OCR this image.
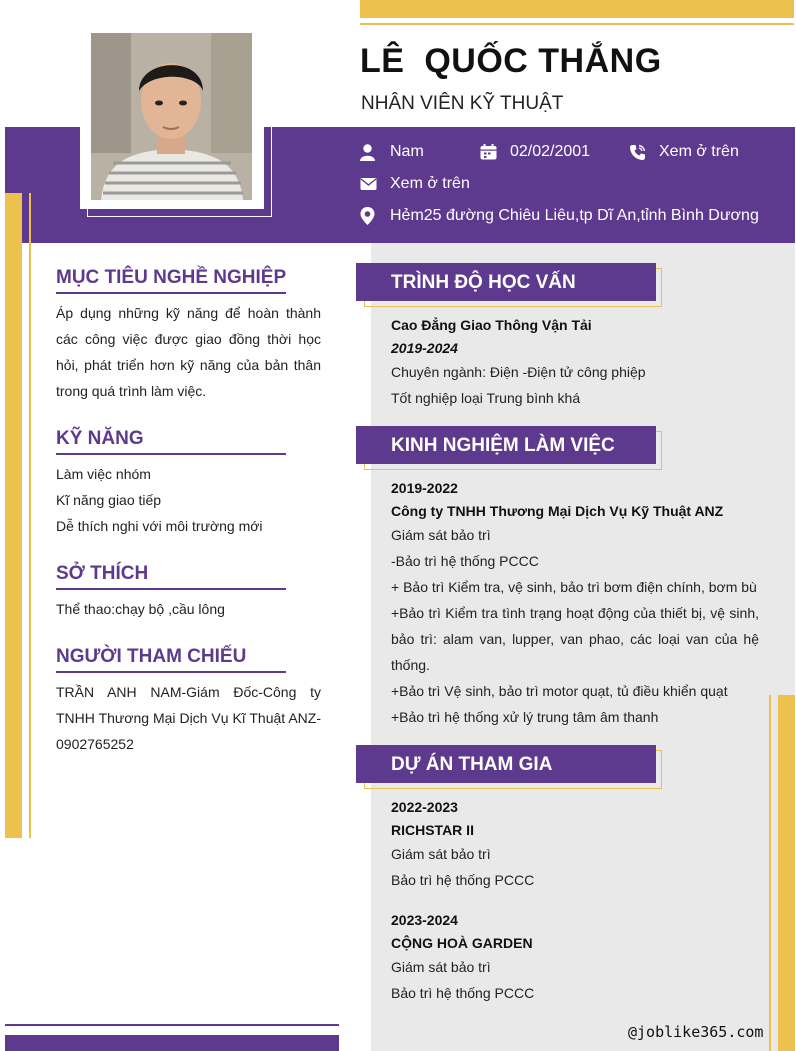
LÊ  QUỐC THẮNG
NHÂN VIÊN KỸ THUẬT
Nam	02/02/2001	Xem ở trên
Xem ở trên
Hẻm25 đường Chiêu Liêu,tp Dĩ An,tỉnh Bình Dương
MỤC TIÊU NGHỀ NGHIỆP
Áp dụng những kỹ năng để hoàn thành các công việc được giao đồng thời học hỏi, phát triển hơn kỹ năng của bản thân trong quá trình làm việc.
KỸ NĂNG
Làm việc nhóm
Kĩ năng giao tiếp
Dễ thích nghi với môi trường mới
SỞ THÍCH
Thể thao:chạy bộ ,cầu lông
NGƯỜI THAM CHIẾU
TRẦN ANH NAM-Giám Đốc-Công ty TNHH Thương Mại Dịch Vụ Kĩ Thuật ANZ-0902765252
TRÌNH ĐỘ HỌC VẤN
Cao Đẳng Giao Thông Vận Tải
2019-2024
Chuyên ngành: Điện -Điện tử công phiệp
Tốt nghiệp loại Trung bình khá
KINH NGHIỆM LÀM VIỆC
2019-2022
Công ty TNHH Thương Mại Dịch Vụ Kỹ Thuật ANZ
Giám sát bảo trì
-Bảo trì hệ thống PCCC
+ Bảo trì Kiểm tra, vệ sinh, bảo trì bơm điện chính, bơm bù
+Bảo trì Kiểm tra tình trạng hoạt động của thiết bị, vệ sinh, bảo trì: alam van, lupper, van phao, các loại van của hệ thống.
+Bảo trì Vệ sinh, bảo trì motor quạt, tủ điều khiển quạt
+Bảo trì hệ thống xử lý trung tâm âm thanh
DỰ ÁN THAM GIA
2022-2023
RICHSTAR II
Giám sát bảo trì
Bảo trì hệ thống PCCC
2023-2024
CỘNG HOÀ GARDEN
Giám sát bảo trì
Bảo trì hệ thống PCCC
@joblike365.com
